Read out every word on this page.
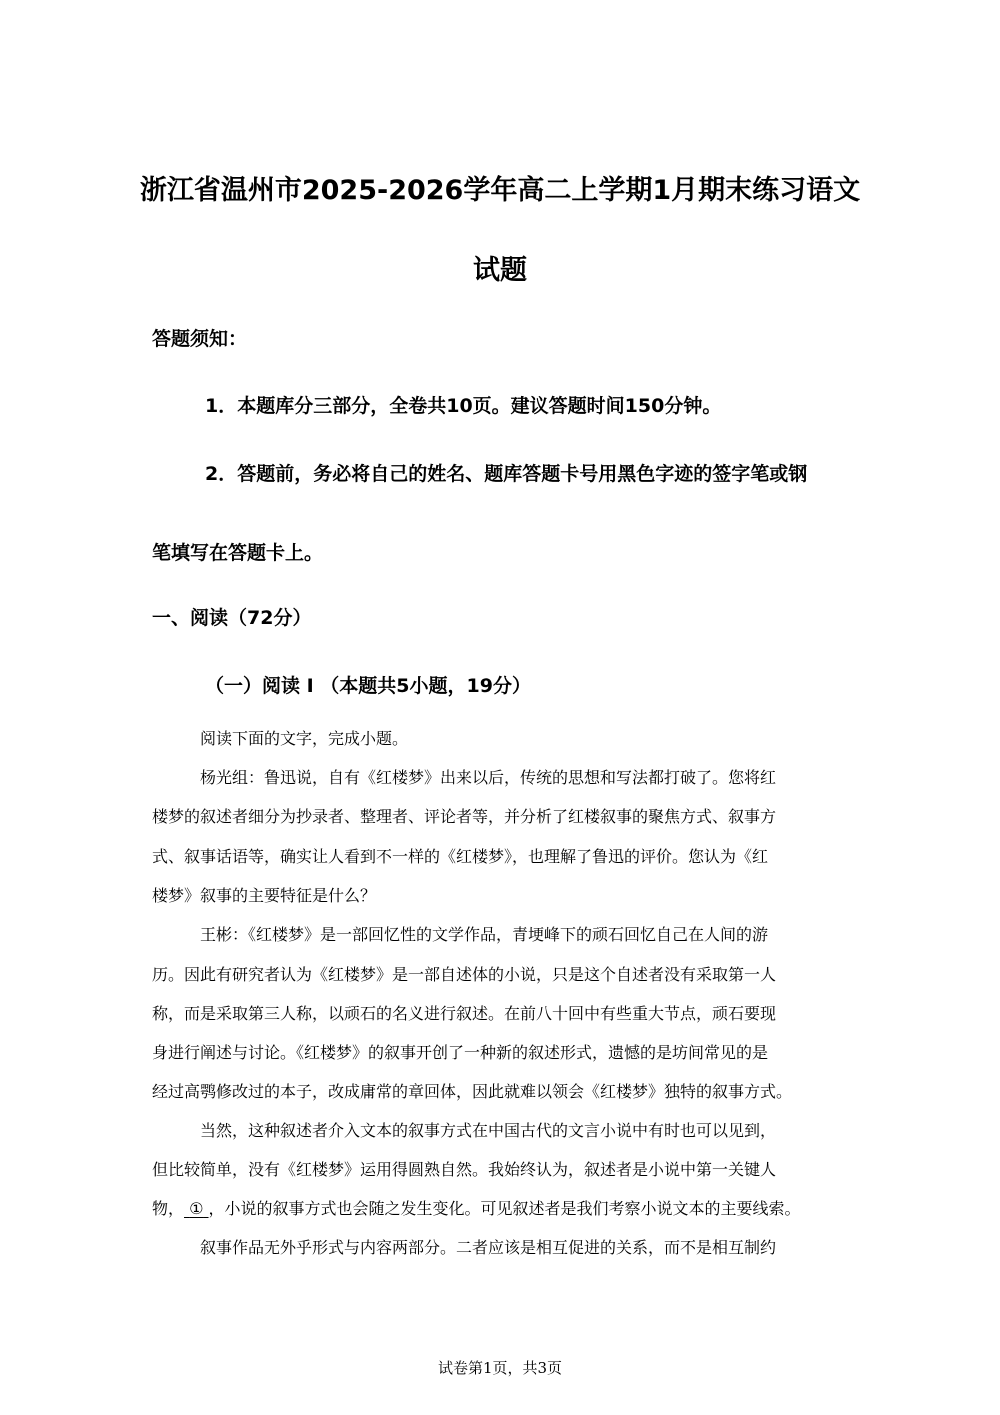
浙江省温州市2025-2026学年高二上学期1月期末练习语文
试题
答题须知：
1．本题库分三部分，全卷共10页。建议答题时间150分钟。
2．答题前，务必将自己的姓名、题库答题卡号用黑色字迹的签字笔或钢
笔填写在答题卡上。
一、阅读（72分）
（一）阅读 I （本题共5小题，19分）
阅读下面的文字，完成小题。
杨光组：鲁迅说，自有《红楼梦》出来以后，传统的思想和写法都打破了。您将红
楼梦的叙述者细分为抄录者、整理者、评论者等，并分析了红楼叙事的聚焦方式、叙事方
式、叙事话语等，确实让人看到不一样的《红楼梦》，也理解了鲁迅的评价。您认为《红
楼梦》叙事的主要特征是什么？
王彬：《红楼梦》是一部回忆性的文学作品，青埂峰下的顽石回忆自己在人间的游
历。因此有研究者认为《红楼梦》是一部自述体的小说，只是这个自述者没有采取第一人
称，而是采取第三人称，以顽石的名义进行叙述。在前八十回中有些重大节点，顽石要现
身进行阐述与讨论。《红楼梦》的叙事开创了一种新的叙述形式，遗憾的是坊间常见的是
经过高鹗修改过的本子，改成庸常的章回体，因此就难以领会《红楼梦》独特的叙事方式。
当然，这种叙述者介入文本的叙事方式在中国古代的文言小说中有时也可以见到，
但比较简单，没有《红楼梦》运用得圆熟自然。我始终认为，叙述者是小说中第一关键人
物， ① ，小说的叙事方式也会随之发生变化。可见叙述者是我们考察小说文本的主要线索。
叙事作品无外乎形式与内容两部分。二者应该是相互促进的关系，而不是相互制约
试卷第1页，共3页
